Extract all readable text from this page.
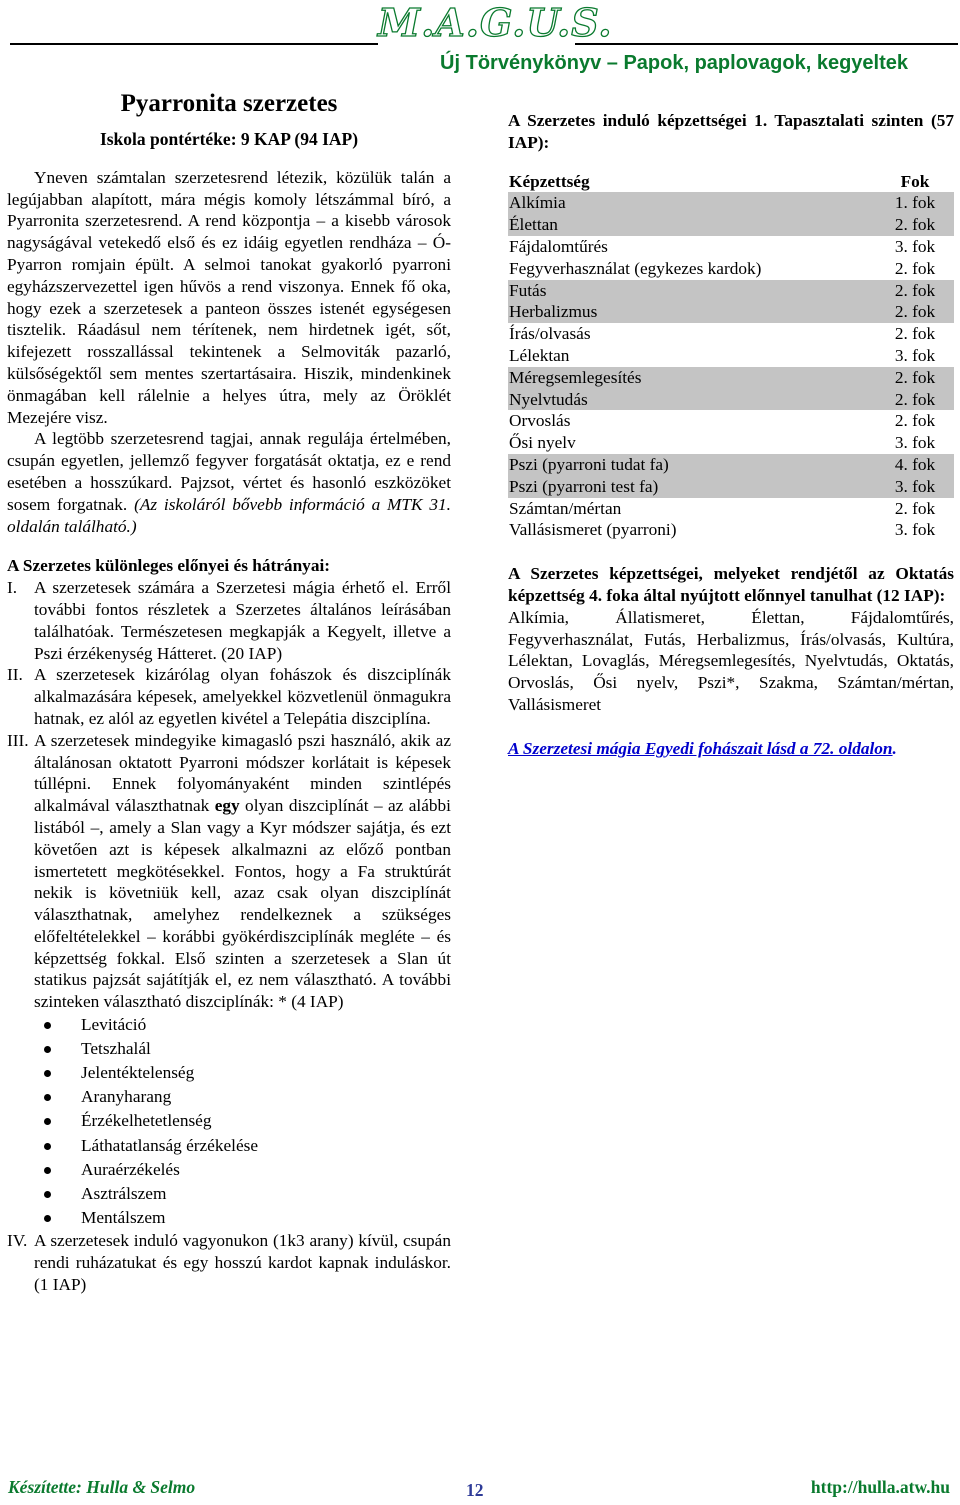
M.A.G.U.S.
Új Törvénykönyv – Papok, paplovagok, kegyeltek
Pyarronita szerzetes
Iskola pontértéke: 9 KAP (94 IAP)

Yneven számtalan szerzetesrend létezik, közülük talán a legújabban alapított, mára mégis komoly létszámmal bíró, a Pyarronita szerzetesrend. A rend központja – a kisebb városok nagyságával vetekedő első és ez idáig egyetlen rendháza – Ó-Pyarron romjain épült. A selmoi tanokat gyakorló pyarroni egyházszervezettel igen hűvös a rend viszonya. Ennek fő oka, hogy ezek a szerzetesek a panteon összes istenét egységesen tisztelik. Ráadásul nem térítenek, nem hirdetnek igét, sőt, kifejezett rosszallással tekintenek a Selmoviták pazarló, külsőségektől sem mentes szertartásaira. Hiszik, mindenkinek önmagában kell rálelnie a helyes útra, mely az Öröklét Mezejére visz.

A legtöbb szerzetesrend tagjai, annak regulája értelmében, csupán egyetlen, jellemző fegyver forgatását oktatja, ez e rend esetében a hosszúkard. Pajzsot, vértet és hasonló eszközöket sosem forgatnak. (Az iskoláról bővebb információ a MTK 31. oldalán található.)

A Szerzetes különleges előnyei és hátrányai:

I. A szerzetesek számára a Szerzetesi mágia érhető el. Erről további fontos részletek a Szerzetes általános leírásában találhatóak. Természetesen megkapják a Kegyelt, illetve a Pszi érzékenység Hátteret. (20 IAP)
II. A szerzetesek kizárólag olyan fohászok és diszciplínák alkalmazására képesek, amelyekkel közvetlenül önmagukra hatnak, ez alól az egyetlen kivétel a Telepátia diszciplína.
III. A szerzetesek mindegyike kimagasló pszi használó, akik az általánosan oktatott Pyarroni módszer korlátait is képesek túllépni. Ennek folyományaként minden szintlépés alkalmával választhatnak egy olyan diszciplínát – az alábbi listából –, amely a Slan vagy a Kyr módszer sajátja, és ezt követően azt is képesek alkalmazni az előző pontban ismertetett megkötésekkel. Fontos, hogy a Fa struktúrát nekik is követniük kell, azaz csak olyan diszciplínát választhatnak, amelyhez rendelkeznek a szükséges előfeltételekkel – korábbi gyökérdiszciplínák megléte – és képzettség fokkal. Első szinten a szerzetesek a Slan út statikus pajzsát sajátítják el, ez nem választható. A további szinteken választható diszciplínák: * (4 IAP)
Levitáció
Tetszhalál
Jelentéktelenség
Aranyharang
Érzékelhetetlenség
Láthatatlanság érzékelése
Auraérzékelés
Asztrálszem
Mentálszem
IV. A szerzetesek induló vagyonukon (1k3 arany) kívül, csupán rendi ruházatukat és egy hosszú kardot kapnak induláskor. (1 IAP)

A Szerzetes induló képzettségei 1. Tapasztalati szinten (57 IAP):

Képzettség	Fok
Alkímia	1. fok
Élettan	2. fok
Fájdalomtűrés	3. fok
Fegyverhasználat (egykezes kardok)	2. fok
Futás	2. fok
Herbalizmus	2. fok
Írás/olvasás	2. fok
Lélektan	3. fok
Méregsemlegesítés	2. fok
Nyelvtudás	2. fok
Orvoslás	2. fok
Ősi nyelv	3. fok
Pszi (pyarroni tudat fa)	4. fok
Pszi (pyarroni test fa)	3. fok
Számtan/mértan	2. fok
Vallásismeret (pyarroni)	3. fok

A Szerzetes képzettségei, melyeket rendjétől az Oktatás képzettség 4. foka által nyújtott előnnyel tanulhat (12 IAP):

Alkímia, Állatismeret, Élettan, Fájdalomtűrés, Fegyverhasználat, Futás, Herbalizmus, Írás/olvasás, Kultúra, Lélektan, Lovaglás, Méregsemlegesítés, Nyelvtudás, Oktatás, Orvoslás, Ősi nyelv, Pszi*, Szakma, Számtan/mértan, Vallásismeret

A Szerzetesi mágia Egyedi fohászait lásd a 72. oldalon.

Készítette: Hulla & Selmo	12	http://hulla.atw.hu
